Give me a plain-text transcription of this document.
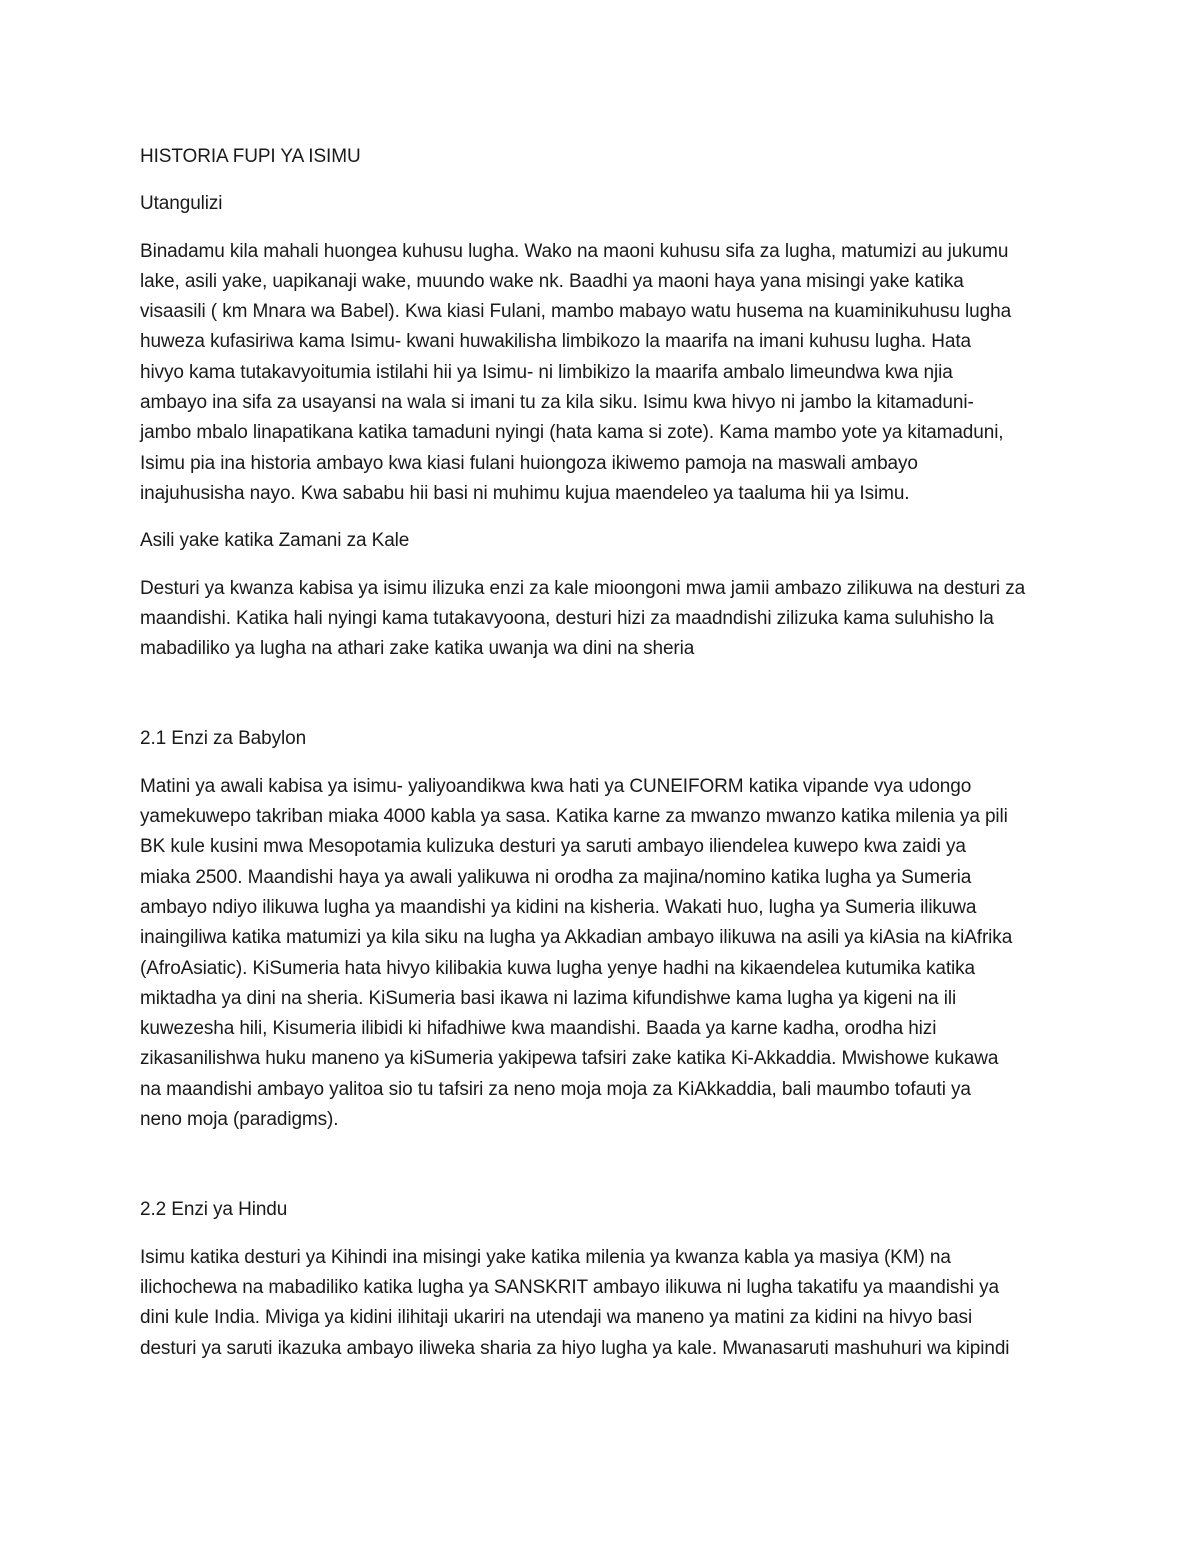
HISTORIA FUPI YA ISIMU

Utangulizi

Binadamu kila mahali huongea kuhusu lugha. Wako na maoni kuhusu sifa za lugha, matumizi au jukumu
lake, asili yake, uapikanaji wake, muundo wake nk. Baadhi ya maoni haya yana misingi yake katika
visaasili ( km Mnara wa Babel). Kwa kiasi Fulani, mambo mabayo watu husema na kuaminikuhusu lugha
huweza kufasiriwa kama Isimu- kwani huwakilisha limbikozo la maarifa na imani kuhusu lugha. Hata
hivyo kama tutakavyoitumia istilahi hii ya Isimu- ni limbikizo la maarifa ambalo limeundwa kwa njia
ambayo ina sifa za usayansi na wala si imani tu za kila siku. Isimu kwa hivyo ni jambo la kitamaduni-
jambo mbalo linapatikana katika tamaduni nyingi (hata kama si zote). Kama mambo yote ya kitamaduni,
Isimu pia ina historia ambayo kwa kiasi fulani huiongoza ikiwemo pamoja na maswali ambayo
inajuhusisha nayo. Kwa sababu hii basi ni muhimu kujua maendeleo ya taaluma hii ya Isimu.

Asili yake katika Zamani za Kale

Desturi ya kwanza kabisa ya isimu ilizuka enzi za kale mioongoni mwa jamii ambazo zilikuwa na desturi za
maandishi. Katika hali nyingi kama tutakavyoona, desturi hizi za maadndishi zilizuka kama suluhisho la
mabadiliko ya lugha na athari zake katika uwanja wa dini na sheria

2.1 Enzi za Babylon

Matini ya awali kabisa ya isimu- yaliyoandikwa kwa hati ya CUNEIFORM katika vipande vya udongo
yamekuwepo takriban miaka 4000 kabla ya sasa. Katika karne za mwanzo mwanzo katika milenia ya pili
BK kule kusini mwa Mesopotamia kulizuka desturi ya saruti ambayo iliendelea kuwepo kwa zaidi ya
miaka 2500. Maandishi haya ya awali yalikuwa ni orodha za majina/nomino katika lugha ya Sumeria
ambayo ndiyo ilikuwa lugha ya maandishi ya kidini na kisheria. Wakati huo, lugha ya Sumeria ilikuwa
inaingiliwa katika matumizi ya kila siku na lugha ya Akkadian ambayo ilikuwa na asili ya kiAsia na kiAfrika
(AfroAsiatic). KiSumeria hata hivyo kilibakia kuwa lugha yenye hadhi na kikaendelea kutumika katika
miktadha ya dini na sheria. KiSumeria basi ikawa ni lazima kifundishwe kama lugha ya kigeni na ili
kuwezesha hili, Kisumeria ilibidi ki hifadhiwe kwa maandishi. Baada ya karne kadha, orodha hizi
zikasanilishwa huku maneno ya kiSumeria yakipewa tafsiri zake katika Ki-Akkaddia. Mwishowe kukawa
na maandishi ambayo yalitoa sio tu tafsiri za neno moja moja za KiAkkaddia, bali maumbo tofauti ya
neno moja (paradigms).

2.2 Enzi ya Hindu

Isimu katika desturi ya Kihindi ina misingi yake katika milenia ya kwanza kabla ya masiya (KM) na
ilichochewa na mabadiliko katika lugha ya SANSKRIT ambayo ilikuwa ni lugha takatifu ya maandishi ya
dini kule India. Miviga ya kidini ilihitaji ukariri na utendaji wa maneno ya matini za kidini na hivyo basi
desturi ya saruti ikazuka ambayo iliweka sharia za hiyo lugha ya kale. Mwanasaruti mashuhuri wa kipindi
